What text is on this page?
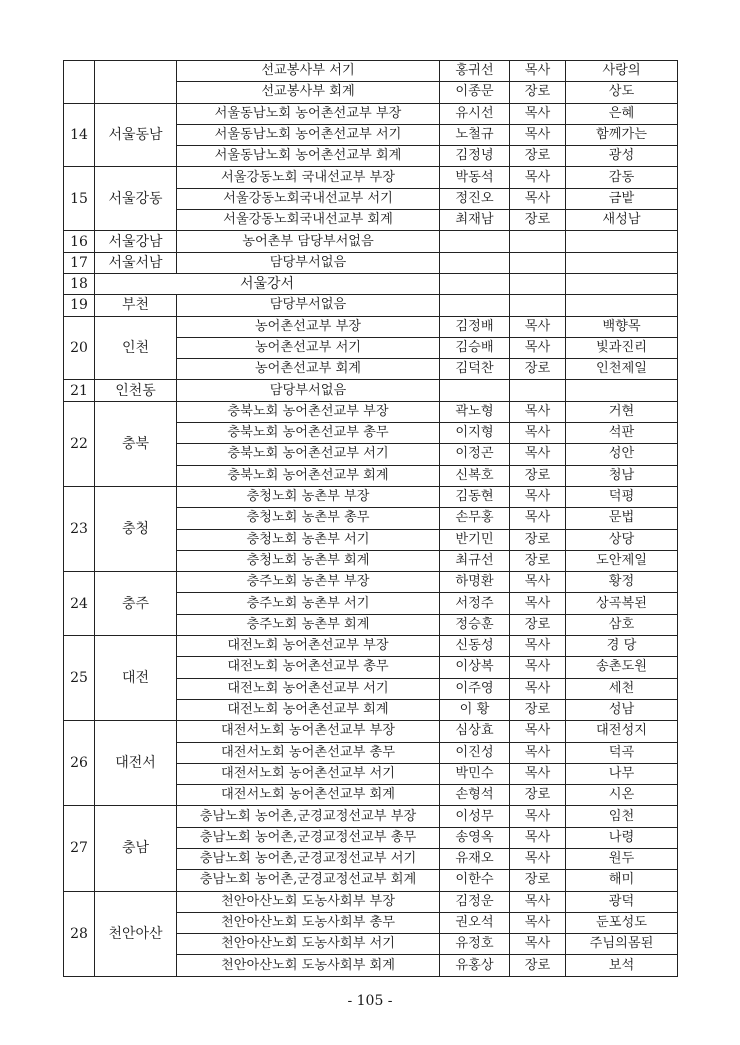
		선교봉사부 서기	홍귀선	목사	사랑의
		선교봉사부 회계	이종문	장로	상도
14	서울동남	서울동남노회 농어촌선교부 부장	유시선	목사	은혜
		서울동남노회 농어촌선교부 서기	노철규	목사	함께가는
		서울동남노회 농어촌선교부 회계	김정녕	장로	광성
15	서울강동	서울강동노회 국내선교부 부장	박동석	목사	감동
		서울강동노회국내선교부 서기	정진오	목사	금밭
		서울강동노회국내선교부 회계	최재남	장로	새성남
16	서울강남	농어촌부 담당부서없음			
17	서울서남	담당부서없음			
18	서울강서				
19	부천	담당부서없음			
20	인천	농어촌선교부 부장	김정배	목사	백향목
		농어촌선교부 서기	김승배	목사	빛과진리
		농어촌선교부 회계	김덕찬	장로	인천제일
21	인천동	담당부서없음			
22	충북	충북노회 농어촌선교부 부장	곽노형	목사	거현
		충북노회 농어촌선교부 총무	이지형	목사	석판
		충북노회 농어촌선교부 서기	이정곤	목사	성안
		충북노회 농어촌선교부 회계	신복호	장로	청남
23	충청	충청노회 농촌부 부장	김동현	목사	덕평
		충청노회 농촌부 총무	손무홍	목사	문법
		충청노회 농촌부 서기	반기민	장로	상당
		충청노회 농촌부 회계	최규선	장로	도안제일
24	충주	충주노회 농촌부 부장	하명환	목사	황정
		충주노회 농촌부 서기	서정주	목사	상곡복된
		충주노회 농촌부 회계	정승훈	장로	삼호
25	대전	대전노회 농어촌선교부 부장	신동성	목사	경 당
		대전노회 농어촌선교부 총무	이상복	목사	송촌도원
		대전노회 농어촌선교부 서기	이주영	목사	세천
		대전노회 농어촌선교부 회계	이 황	장로	성남
26	대전서	대전서노회 농어촌선교부 부장	심상효	목사	대전성지
		대전서노회 농어촌선교부 총무	이진성	목사	덕곡
		대전서노회 농어촌선교부 서기	박민수	목사	나무
		대전서노회 농어촌선교부 회계	손형석	장로	시온
27	충남	충남노회 농어촌,군경교정선교부 부장	이성무	목사	임천
		충남노회 농어촌,군경교정선교부 총무	송영옥	목사	나령
		충남노회 농어촌,군경교정선교부 서기	유재오	목사	원두
		충남노회 농어촌,군경교정선교부 회계	이한수	장로	해미
28	천안아산	천안아산노회 도농사회부 부장	김정운	목사	광덕
		천안아산노회 도농사회부 총무	권오석	목사	둔포성도
		천안아산노회 도농사회부 서기	유정호	목사	주님의몸된
		천안아산노회 도농사회부 회계	유홍상	장로	보석
- 105 -
